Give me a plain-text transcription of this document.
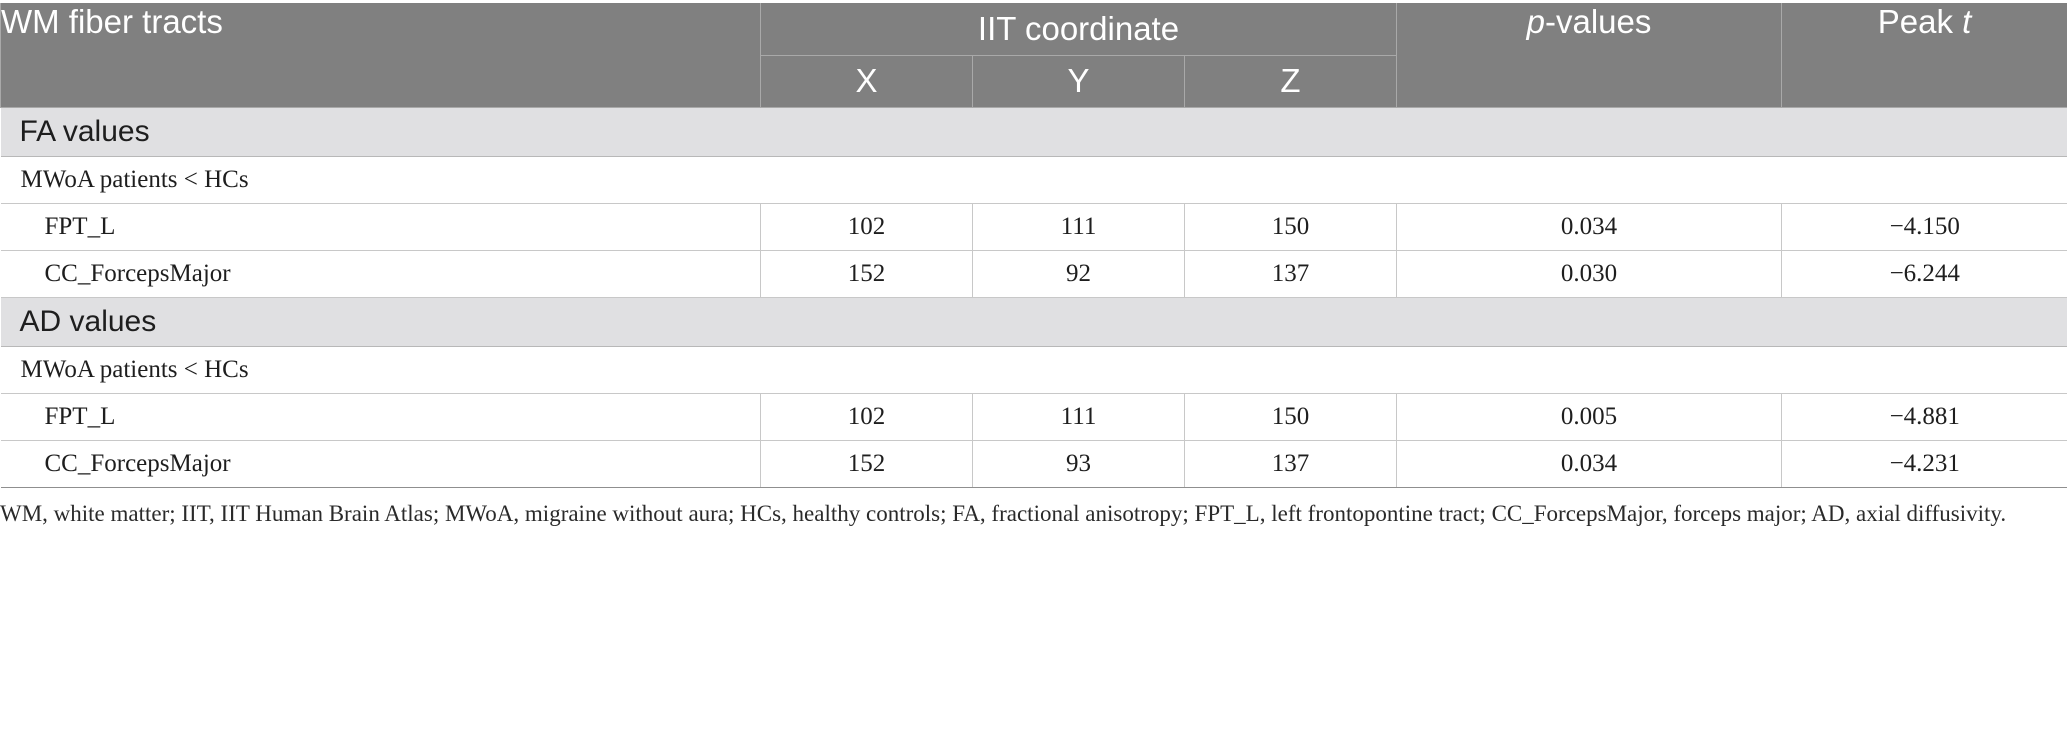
WM fiber tracts	IIT coordinate			p-values	Peak t
	X	Y	Z		
FA values					
MWoA patients < HCs					
FPT_L	102	111	150	0.034	−4.150
CC_ForcepsMajor	152	92	137	0.030	−6.244
AD values					
MWoA patients < HCs					
FPT_L	102	111	150	0.005	−4.881
CC_ForcepsMajor	152	93	137	0.034	−4.231
WM, white matter; IIT, IIT Human Brain Atlas; MWoA, migraine without aura; HCs, healthy controls; FA, fractional anisotropy; FPT_L, left frontopontine tract; CC_ForcepsMajor, forceps major; AD, axial diffusivity.
